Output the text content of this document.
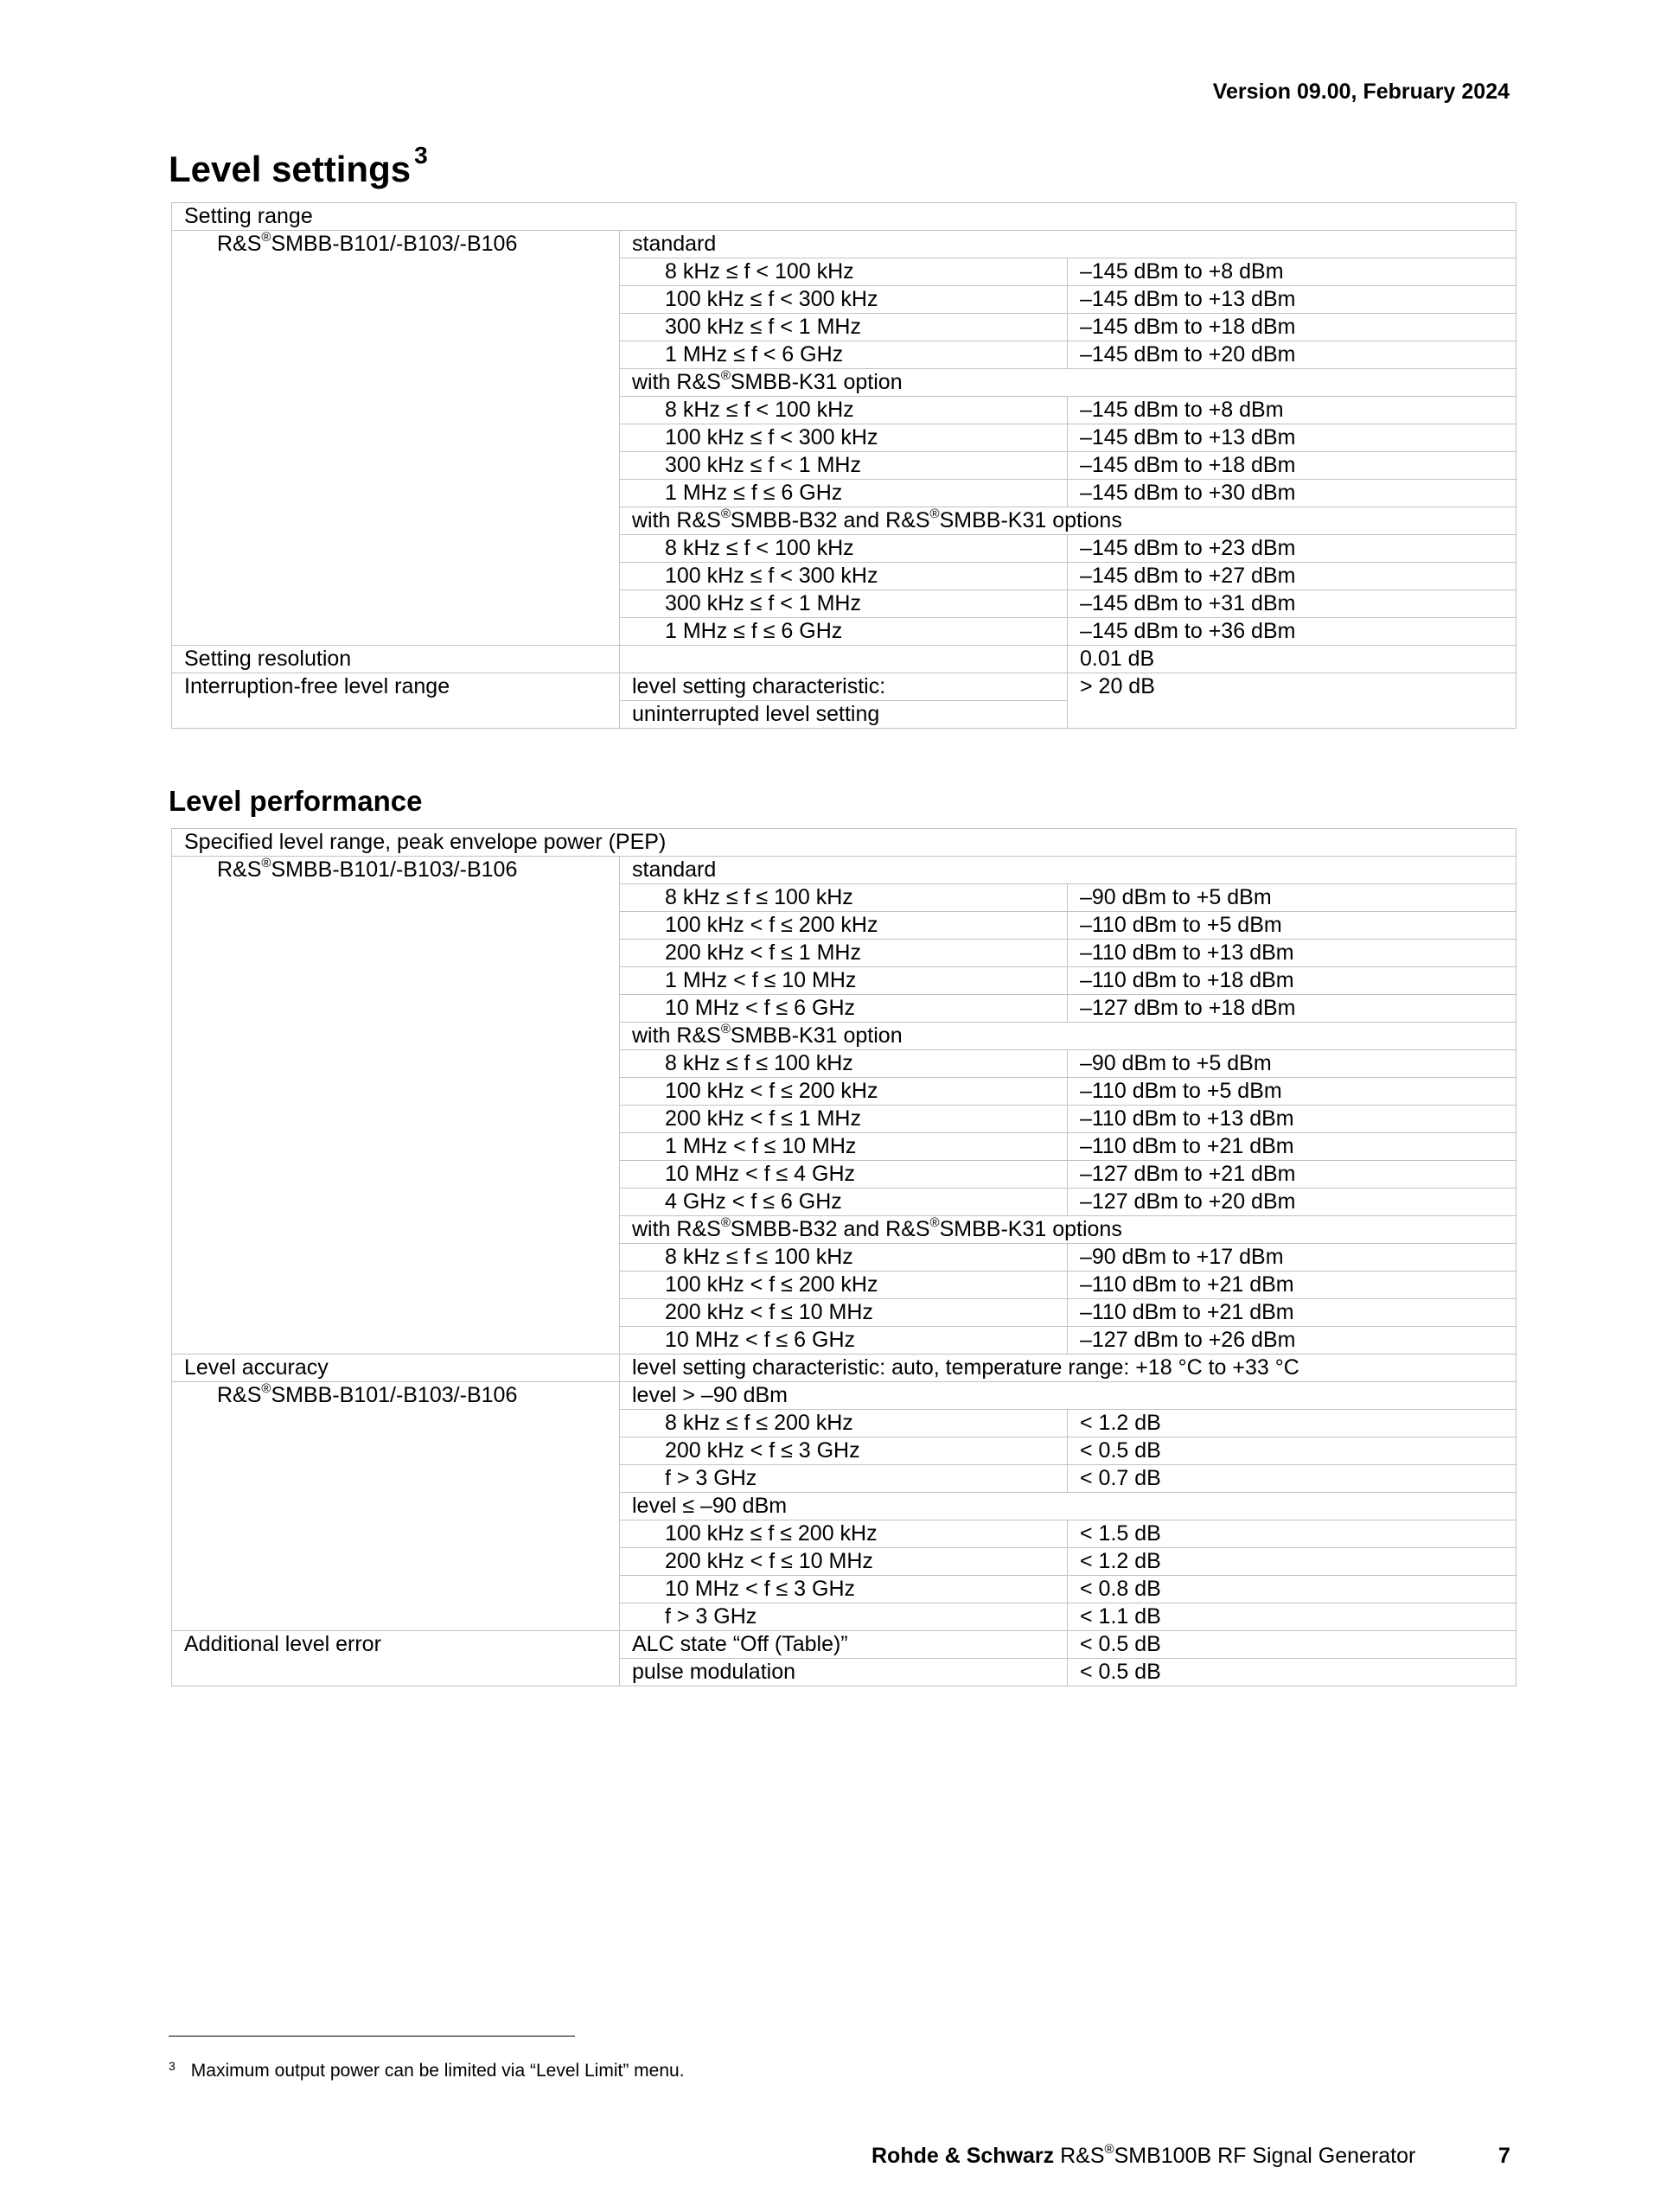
Version 09.00, February 2024
Level settings $^3$
Setting range		
R&S®SMBB-B101/-B103/-B106	standard	
	8 kHz ≤ f < 100 kHz	–145 dBm to +8 dBm
	100 kHz ≤ f < 300 kHz	–145 dBm to +13 dBm
	300 kHz ≤ f < 1 MHz	–145 dBm to +18 dBm
	1 MHz ≤ f < 6 GHz	–145 dBm to +20 dBm
	with R&S®SMBB-K31 option	
	8 kHz ≤ f < 100 kHz	–145 dBm to +8 dBm
	100 kHz ≤ f < 300 kHz	–145 dBm to +13 dBm
	300 kHz ≤ f < 1 MHz	–145 dBm to +18 dBm
	1 MHz ≤ f ≤ 6 GHz	–145 dBm to +30 dBm
	with R&S®SMBB-B32 and R&S®SMBB-K31 options	
	8 kHz ≤ f < 100 kHz	–145 dBm to +23 dBm
	100 kHz ≤ f < 300 kHz	–145 dBm to +27 dBm
	300 kHz ≤ f < 1 MHz	–145 dBm to +31 dBm
	1 MHz ≤ f ≤ 6 GHz	–145 dBm to +36 dBm
Setting resolution		0.01 dB
Interruption-free level range	level setting characteristic:	> 20 dB
	uninterrupted level setting	
Level performance
Specified level range, peak envelope power (PEP)		
R&S®SMBB-B101/-B103/-B106	standard	
	8 kHz ≤ f ≤ 100 kHz	–90 dBm to +5 dBm
	100 kHz < f ≤ 200 kHz	–110 dBm to +5 dBm
	200 kHz < f ≤ 1 MHz	–110 dBm to +13 dBm
	1 MHz < f ≤ 10 MHz	–110 dBm to +18 dBm
	10 MHz < f ≤ 6 GHz	–127 dBm to +18 dBm
	with R&S®SMBB-K31 option	
	8 kHz ≤ f ≤ 100 kHz	–90 dBm to +5 dBm
	100 kHz < f ≤ 200 kHz	–110 dBm to +5 dBm
	200 kHz < f ≤ 1 MHz	–110 dBm to +13 dBm
	1 MHz < f ≤ 10 MHz	–110 dBm to +21 dBm
	10 MHz < f ≤ 4 GHz	–127 dBm to +21 dBm
	4 GHz < f ≤ 6 GHz	–127 dBm to +20 dBm
	with R&S®SMBB-B32 and R&S®SMBB-K31 options	
	8 kHz ≤ f ≤ 100 kHz	–90 dBm to +17 dBm
	100 kHz < f ≤ 200 kHz	–110 dBm to +21 dBm
	200 kHz < f ≤ 10 MHz	–110 dBm to +21 dBm
	10 MHz < f ≤ 6 GHz	–127 dBm to +26 dBm
Level accuracy	level setting characteristic: auto, temperature range: +18 °C to +33 °C	
R&S®SMBB-B101/-B103/-B106	level > –90 dBm	
	8 kHz ≤ f ≤ 200 kHz	< 1.2 dB
	200 kHz < f ≤ 3 GHz	< 0.5 dB
	f > 3 GHz	< 0.7 dB
	level ≤ –90 dBm	
	100 kHz ≤ f ≤ 200 kHz	< 1.5 dB
	200 kHz < f ≤ 10 MHz	< 1.2 dB
	10 MHz < f ≤ 3 GHz	< 0.8 dB
	f > 3 GHz	< 1.1 dB
Additional level error	ALC state “Off (Table)”	< 0.5 dB
	pulse modulation	< 0.5 dB
$^3$ Maximum output power can be limited via “Level Limit” menu.
Rohde & Schwarz R&S®SMB100B RF Signal Generator	7
